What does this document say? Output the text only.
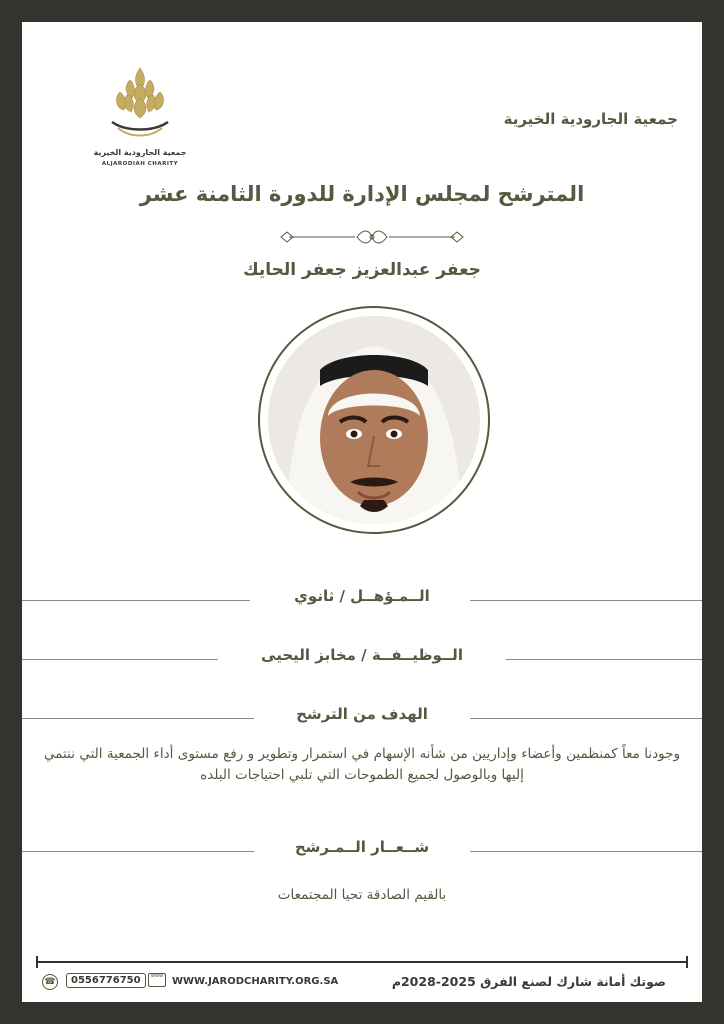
جمعية الجارودية الخيرية
ALJARODIAH CHARITY
جمعية الجارودية الخيرية
المترشح لمجلس الإدارة للدورة الثامنة عشر
جعفر عبدالعزيز جعفر الحايك
الــمـؤهــل / ثانوي
الــوظيــفــة / مخابز اليحيى
الهدف من الترشح
وجودنا معاً كمنظمين وأعضاء وإداريين من شأنه الإسهام في استمرار وتطوير و رفع مستوى أداء الجمعية التي ننتمي إليها وبالوصول لجميع الطموحات التي تلبي احتياجات البلده
شــعــار الــمـرشح
بالقيم الصادقة تحيا المجتمعات
☎	0556776750	www WWW.JARODCHARITY.ORG.SA	صوتك أمانة شارك لصنع الفرق 2025-2028م
